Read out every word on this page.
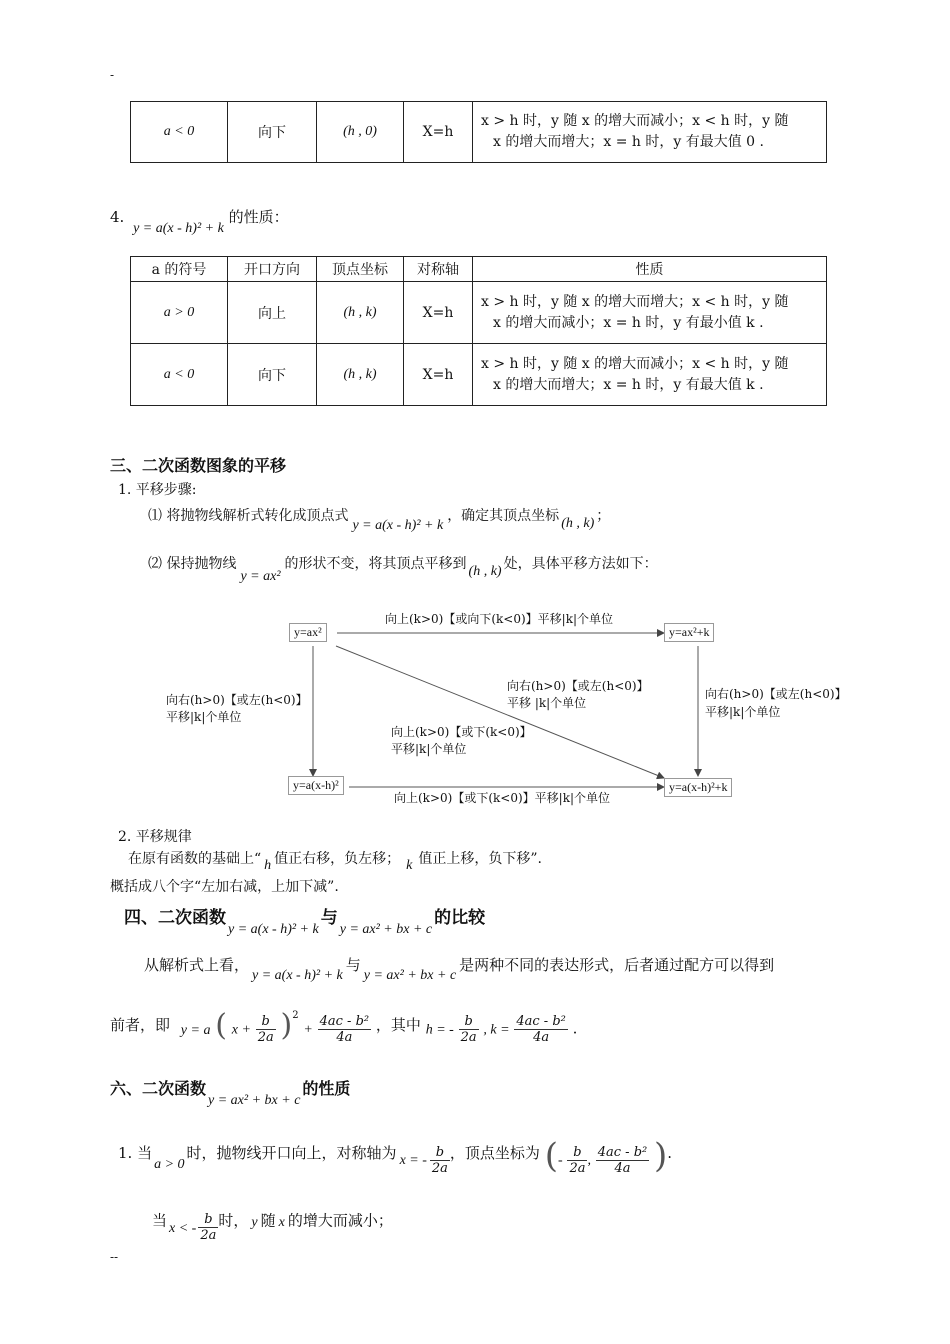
-
a < 0	向下	(h , 0)	X=h	
x > h 时，y 随 x 的增大而减小；x < h 时，y 随
x 的增大而增大；x = h 时，y 有最大值 0 .
4. y = a(x - h)² + k 的性质：
a 的符号	开口方向	顶点坐标	对称轴	性质
a > 0	向上	(h , k)	X=h	x > h 时，y 随 x 的增大而增大；x < h 时，y 随
x 的增大而减小；x = h 时，y 有最小值 k .

a < 0	向下	(h , k)	X=h	x > h 时，y 随 x 的增大而减小；x < h 时，y 随
x 的增大而增大；x = h 时，y 有最大值 k .
三、二次函数图象的平移
1. 平移步骤:
⑴ 将抛物线解析式转化成顶点式y = a(x - h)² + k，确定其顶点坐标 (h , k) ；
⑵ 保持抛物线y = ax²的形状不变，将其顶点平移到 (h , k) 处，具体平移方法如下：
y=ax²	y=ax²+k
y=a(x-h)²	y=a(x-h)²+k
向上(k>0)【或向下(k<0)】平移|k|个单位
向右(h>0)【或左(h<0)】
平移|k|个单位
向右(h>0)【或左(h<0)】
平移 |k|个单位
向上(k>0)【或下(k<0)】
平移|k|个单位
向右(h>0)【或左(h<0)】
平移|k|个单位
向上(k>0)【或下(k<0)】平移|k|个单位
2. 平移规律
在原有函数的基础上“ h 值正右移，负左移； k 值正上移，负下移”.
概括成八个字“左加右减，上加下减”.
四、二次函数$_{y = a(x - h)^2 + k}$与$_{y = ax^2 + bx + c}$的比较
从解析式上看，y = a(x - h)² + k与y = ax² + bx + c是两种不同的表达形式，后者通过配方可以得到
前者，即 y = a ( $x + \frac{b}{2a} )^2 + \frac{\text{4ac - b²}}{4a}$ ，其中 h = - $\frac{b}{2a}$ , $k = \frac{\text{4ac - b²}}{4a}$ .
六、二次函数y = ax² + bx + c的性质
1. 当a > 0时，抛物线开口向上，对称轴为 x = - $\frac{b}{2a}$ ，顶点坐标为 (- $\frac{b}{2a}$ , $\frac{\text{4ac - b²}}{4a}$ ).
当 x < - $\frac{b}{2a}$ 时， y 随 x 的增大而减小；
--
